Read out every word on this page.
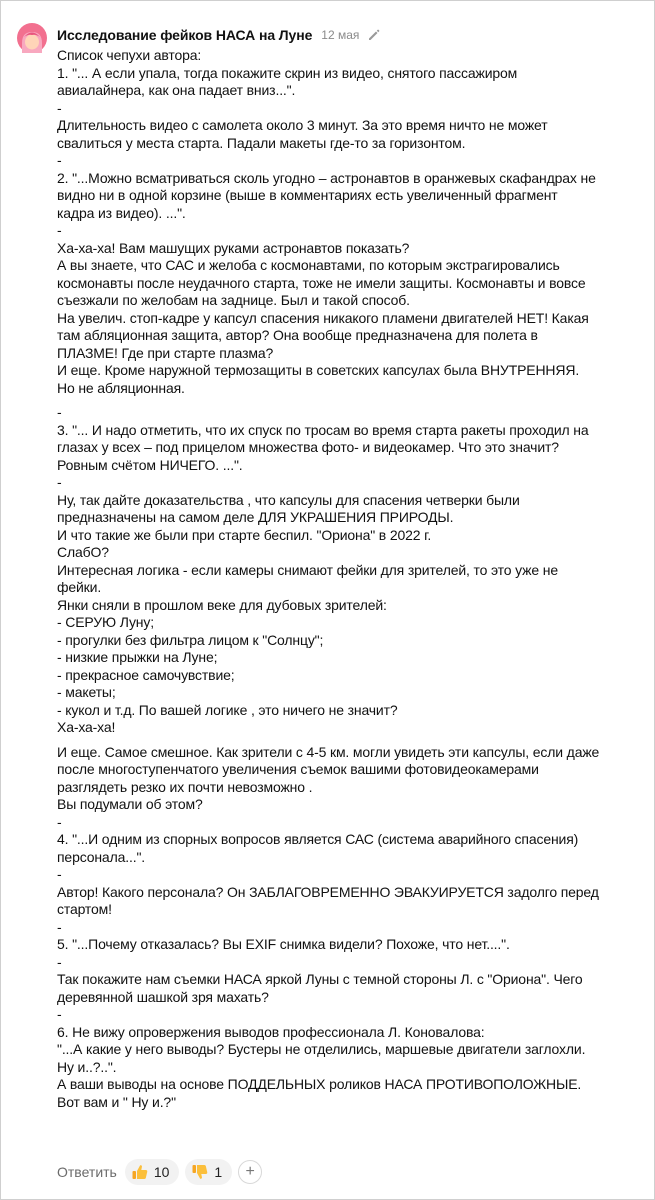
Исследование фейков НАСА на Луне 12 мая
Список чепухи автора:
1. "... А если упала, тогда покажите скрин из видео, снятого пассажиром
авиалайнера, как она падает вниз...".
-
Длительность видео с самолета около 3 минут. За это время ничто не может
свалиться у места старта. Падали макеты где-то за горизонтом.
-
2. "...Можно всматриваться сколь угодно – астронавтов в оранжевых скафандрах не
видно ни в одной корзине (выше в комментариях есть увеличенный фрагмент
кадра из видео). ...".
-
Ха-ха-ха! Вам машущих руками астронавтов показать?
А вы знаете, что САС и желоба с космонавтами, по которым экстрагировались
космонавты после неудачного старта, тоже не имели защиты. Космонавты и вовсе
съезжали по желобам на заднице. Был и такой способ.
На увелич. стоп-кадре у капсул спасения никакого пламени двигателей НЕТ! Какая
там абляционная защита, автор? Она вообще предназначена для полета в
ПЛАЗМЕ! Где при старте плазма?
И еще. Кроме наружной термозащиты в советских капсулах была ВНУТРЕННЯЯ.
Но не абляционная.
-
3. "... И надо отметить, что их спуск по тросам во время старта ракеты проходил на
глазах у всех – под прицелом множества фото- и видеокамер. Что это значит?
Ровным счётом НИЧЕГО. ...".
-
Ну, так дайте доказательства , что капсулы для спасения четверки были
предназначены на самом деле ДЛЯ УКРАШЕНИЯ ПРИРОДЫ.
И что такие же были при старте беспил. "Ориона" в 2022 г.
СлабО?
Интересная логика - если камеры снимают фейки для зрителей, то это уже не
фейки.
Янки сняли в прошлом веке для дубовых зрителей:
- СЕРУЮ Луну;
- прогулки без фильтра лицом к "Солнцу";
- низкие прыжки на Луне;
- прекрасное самочувствие;
- макеты;
- кукол и т.д. По вашей логике , это ничего не значит?
Ха-ха-ха!
И еще. Самое смешное. Как зрители с 4-5 км. могли увидеть эти капсулы, если даже
после многоступенчатого увеличения съемок вашими фотовидеокамерами
разглядеть резко их почти невозможно .
Вы подумали об этом?
-
4. "...И одним из спорных вопросов является САС (система аварийного спасения)
персонала...".
-
Автор! Какого персонала? Он ЗАБЛАГОВРЕМЕННО ЭВАКУИРУЕТСЯ задолго перед
стартом!
-
5. "...Почему отказалась? Вы EXIF снимка видели? Похоже, что нет....".
-
Так покажите нам съемки НАСА яркой Луны с темной стороны Л. с "Ориона". Чего
деревянной шашкой зря махать?
-
6. Не вижу опровержения выводов профессионала Л. Коновалова:
"...А какие у него выводы? Бустеры не отделились, маршевые двигатели заглохли.
Ну и..?..".
А ваши выводы на основе ПОДДЕЛЬНЫХ роликов НАСА ПРОТИВОПОЛОЖНЫЕ.
Вот вам и " Ну и.?"
Ответить	10	1	+
